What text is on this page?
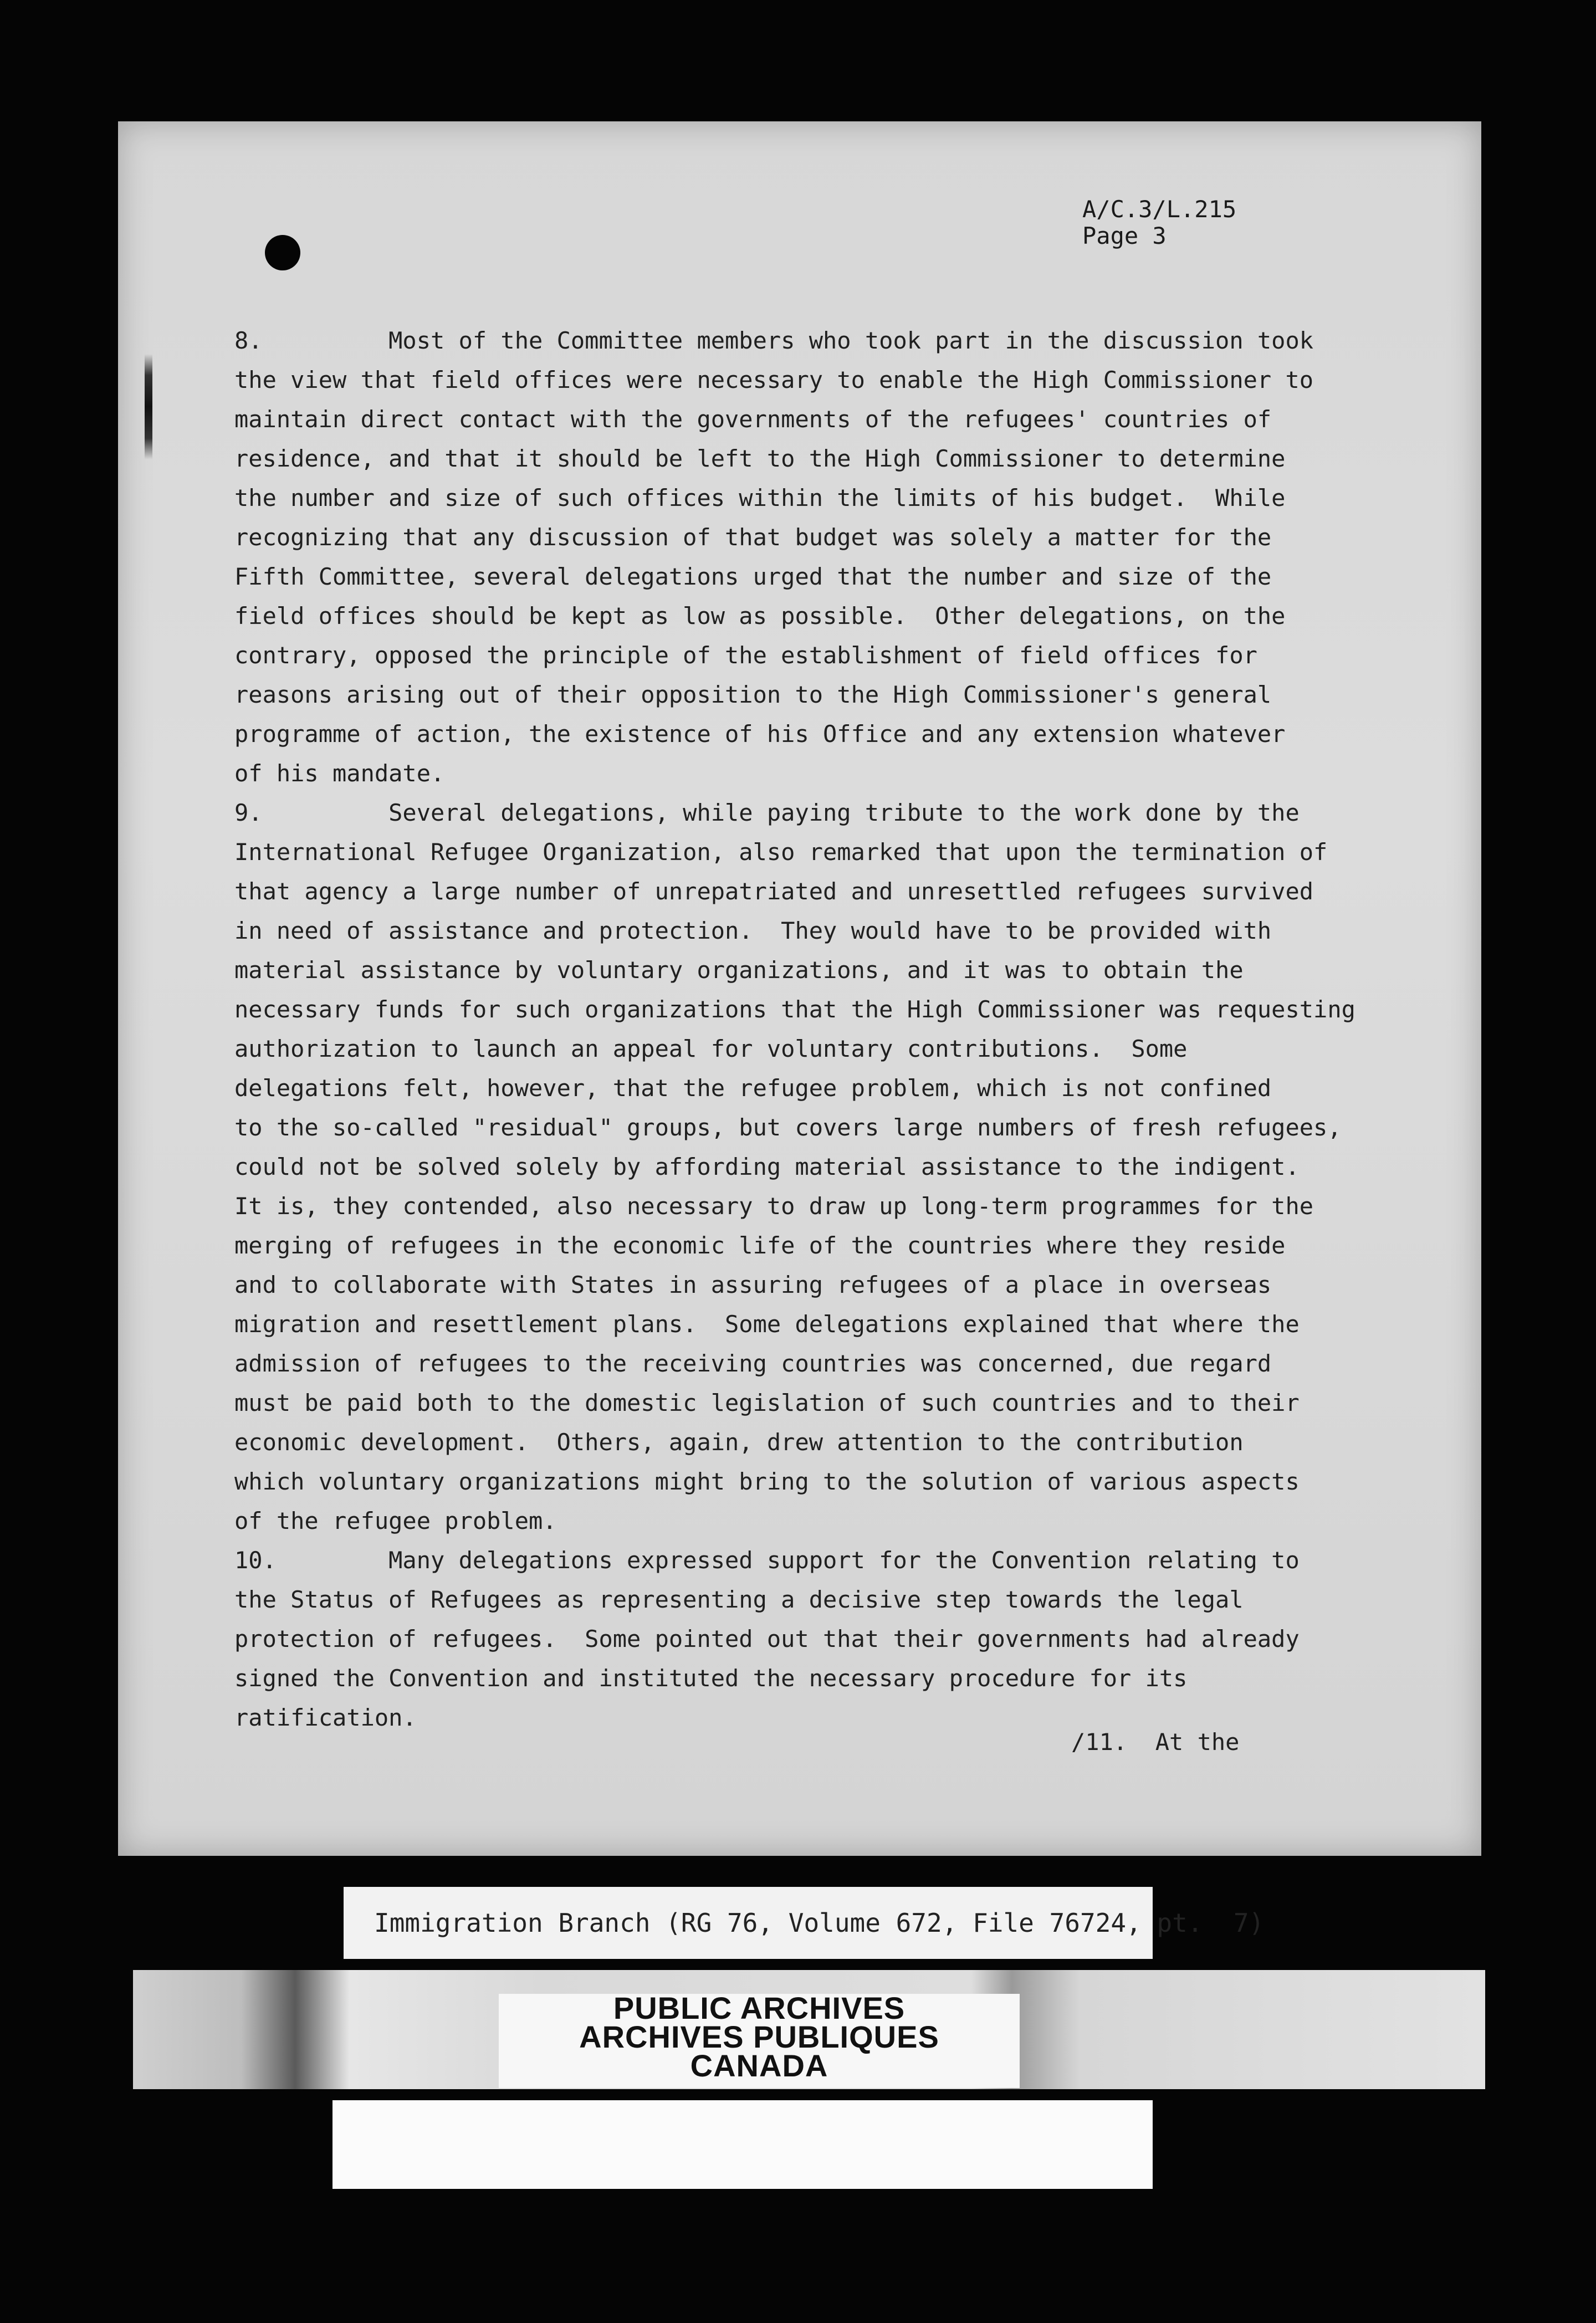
A/C.3/L.215
Page 3
8.         Most of the Committee members who took part in the discussion took
the view that field offices were necessary to enable the High Commissioner to
maintain direct contact with the governments of the refugees' countries of
residence, and that it should be left to the High Commissioner to determine
the number and size of such offices within the limits of his budget.  While
recognizing that any discussion of that budget was solely a matter for the
Fifth Committee, several delegations urged that the number and size of the
field offices should be kept as low as possible.  Other delegations, on the
contrary, opposed the principle of the establishment of field offices for
reasons arising out of their opposition to the High Commissioner's general
programme of action, the existence of his Office and any extension whatever
of his mandate.
9.         Several delegations, while paying tribute to the work done by the
International Refugee Organization, also remarked that upon the termination of
that agency a large number of unrepatriated and unresettled refugees survived
in need of assistance and protection.  They would have to be provided with
material assistance by voluntary organizations, and it was to obtain the
necessary funds for such organizations that the High Commissioner was requesting
authorization to launch an appeal for voluntary contributions.  Some
delegations felt, however, that the refugee problem, which is not confined
to the so-called "residual" groups, but covers large numbers of fresh refugees,
could not be solved solely by affording material assistance to the indigent.
It is, they contended, also necessary to draw up long-term programmes for the
merging of refugees in the economic life of the countries where they reside
and to collaborate with States in assuring refugees of a place in overseas
migration and resettlement plans.  Some delegations explained that where the
admission of refugees to the receiving countries was concerned, due regard
must be paid both to the domestic legislation of such countries and to their
economic development.  Others, again, drew attention to the contribution
which voluntary organizations might bring to the solution of various aspects
of the refugee problem.
10.        Many delegations expressed support for the Convention relating to
the Status of Refugees as representing a decisive step towards the legal
protection of refugees.  Some pointed out that their governments had already
signed the Convention and instituted the necessary procedure for its
ratification.
/11.  At the
Immigration Branch (RG 76, Volume 672, File 76724, pt.  7)
PUBLIC ARCHIVES
ARCHIVES PUBLIQUES
CANADA
